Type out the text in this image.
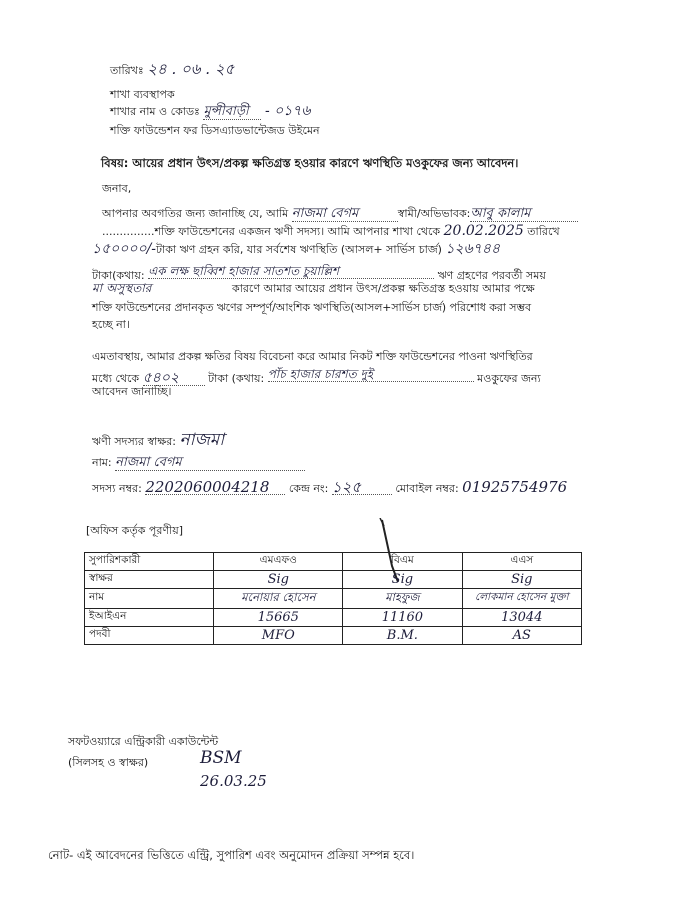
তারিখঃ ২৪ . ০৬ . ২৫
শাখা ব্যবস্থাপক
শাখার নাম ও কোডঃ মুন্সীবাড়ী - ০১৭৬
শক্তি ফাউন্ডেশন ফর ডিসএ্যাডভান্টেজড উইমেন
বিষয়: আয়ের প্রধান উৎস/প্রকল্প ক্ষতিগ্রস্ত হওয়ার কারণে ঋণস্থিতি মওকুফের জন্য আবেদন।
জনাব,
আপনার অবগতির জন্য জানাচ্ছি যে, আমি নাজমা বেগম	স্বামী/অভিভাবক:আবু কালাম
...............শক্তি ফাউন্ডেশনের একজন ঋণী সদস্য। আমি আপনার শাখা থেকে 20.02.2025 তারিখে
১৫০০০০/-টাকা ঋণ গ্রহন করি, যার সর্বশেষ ঋণস্থিতি (আসল+ সার্ভিস চার্জ) ১২৬৭৪৪
টাকা(কথায়: এক লক্ষ ছাব্বিশ হাজার সাতশত চুয়াল্লিশ	ঋণ গ্রহণের পরবর্তী সময়
মা অসুস্থতার	কারণে আমার আয়ের প্রধান উৎস/প্রকল্প ক্ষতিগ্রস্ত হওয়ায় আমার পক্ষে
শক্তি ফাউন্ডেশনের প্রদানকৃত ঋণের সম্পূর্ণ/আংশিক ঋণস্থিতি(আসল+সার্ভিস চার্জ) পরিশোধ করা সম্ভব
হচ্ছে না।
এমতাবস্থায়, আমার প্রকল্প ক্ষতির বিষয় বিবেচনা করে আমার নিকট শক্তি ফাউন্ডেশনের পাওনা ঋণস্থিতির
মধ্যে থেকে ৫৪০২	টাকা (কথায়: পাঁচ হাজার চারশত দুই	মওকুফের জন্য
আবেদন জানাচ্ছি।
ঋণী সদস্যর স্বাক্ষর: নাজমা
নাম: নাজমা বেগম
সদস্য নম্বর: 2202060004218 কেন্দ্র নং: ১২৫	মোবাইল নম্বর: 01925754976
[অফিস কর্তৃক পূরণীয়]
সুপারিশকারী	এমএফও	বিএম	এএস
স্বাক্ষর	Sig	Sig	Sig
নাম	মনোয়ার হোসেন	মাহফুজ	লোকমান হোসেন মুক্তা
ইআইএন	15665	11160	13044
পদবী	MFO	B.M.	AS
সফটওয়্যারে এন্ট্রিকারী একাউন্টেন্ট
(সিলসহ ও স্বাক্ষর)	BSM
26.03.25
নোট- এই আবেদনের ভিত্তিতে এন্ট্রি, সুপারিশ এবং অনুমোদন প্রক্রিয়া সম্পন্ন হবে।
